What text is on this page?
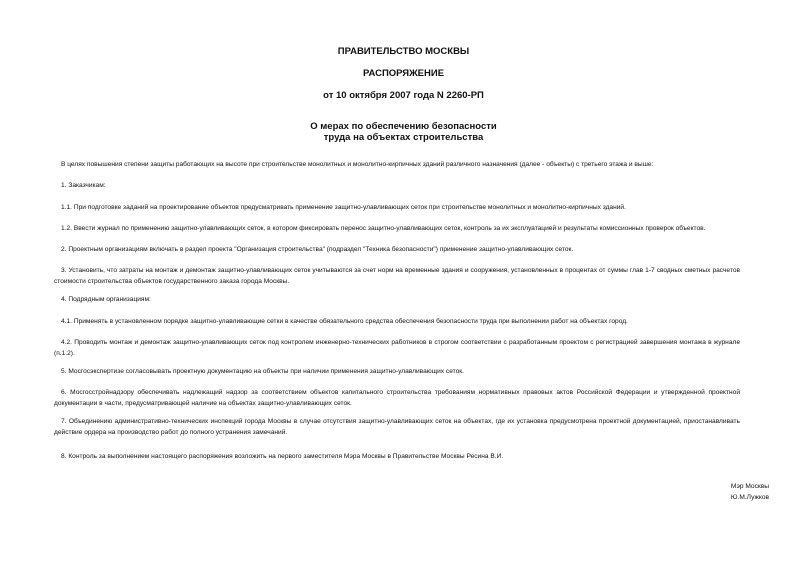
ПРАВИТЕЛЬСТВО МОСКВЫ
РАСПОРЯЖЕНИЕ
от 10 октября 2007 года N 2260-РП
О мерах по обеспечению безопасности
труда на объектах строительства

В целях повышения степени защиты работающих на высоте при строительстве монолитных и монолитно-кирпичных зданий различного назначения (далее - объекты) с третьего этажа и выше:

1. Заказчикам:

1.1. При подготовке заданий на проектирование объектов предусматривать применение защитно-улавливающих сеток при строительстве монолитных и монолитно-кирпичных зданий.

1.2. Ввести журнал по применению защитно-улавливающих сеток, в котором фиксировать перенос защитно-улавливающих сеток, контроль за их эксплуатацией и результаты комиссионных проверок объектов.

2. Проектным организациям включать в раздел проекта "Организация строительства" (подраздел "Техника безопасности") применение защитно-улавливающих сеток.

3. Установить, что затраты на монтаж и демонтаж защитно-улавливающих сеток учитываются за счет норм на временные здания и сооружения, установленных в процентах от суммы глав 1-7 сводных сметных расчетов стоимости строительства объектов государственного заказа города Москвы.

4. Подрядным организациям:

4.1. Применять в установленном порядке защитно-улавливающие сетки в качестве обязательного средства обеспечения безопасности труда при выполнении работ на объектах город.

4.2. Проводить монтаж и демонтаж защитно-улавливающих сеток под контролем инженерно-технических работников в строгом соответствии с разработанным проектом с регистрацией завершения монтажа в журнале (п.1.2).

5. Мосгосэкспертизе согласовывать проектную документацию на объекты при наличии применения защитно-улавливающих сеток.

6. Мосгосстройнадзору обеспечивать надлежащий надзор за соответствием объектов капитального строительства требованиям нормативных правовых актов Российской Федерации и утвержденной проектной документации в части, предусматривающей наличие на объектах защитно-улавливающих сеток.

7. Объединению административно-технических инспекций города Москвы в случае отсутствия защитно-улавливающих сеток на объектах, где их установка предусмотрена проектной документацией, приостанавливать действие ордера на производство работ до полного устранения замечаний.

8. Контроль за выполнением настоящего распоряжения возложить на первого заместителя Мэра Москвы в Правительстве Москвы Ресина В.И.

Мэр Москвы
Ю.М.Лужков
